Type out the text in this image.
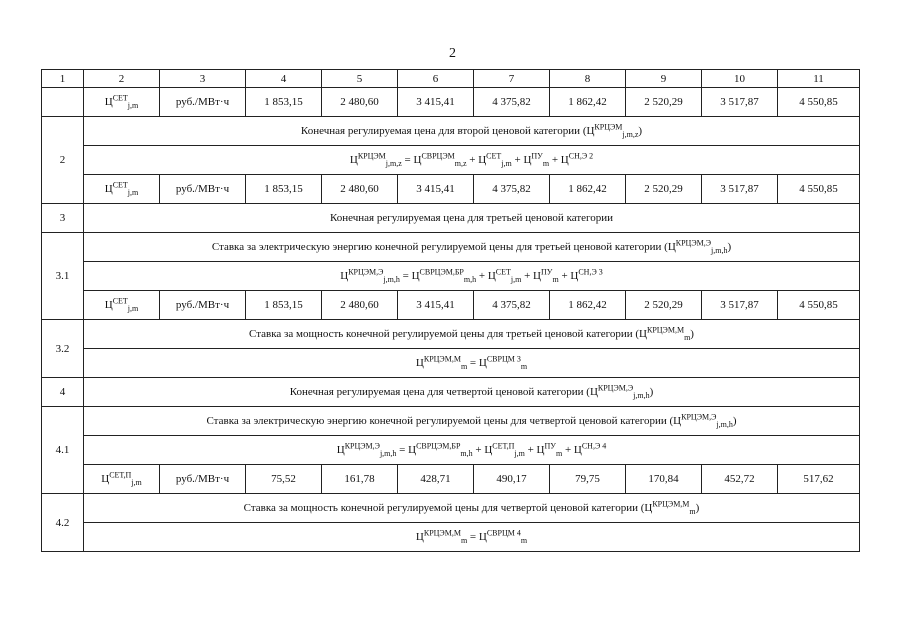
2
1	2	3	4	5	6	7	8	9	10	11
	$Ц^{СЕТ}_{j,m}$	руб./МВт·ч	1 853,15	2 480,60	3 415,41	4 375,82	1 862,42	2 520,29	3 517,87	4 550,85
2	Конечная регулируемая цена для второй ценовой категории $(Ц^{КРЦЭМ}_{j,m,z})$									
	$Ц^{КРЦЭМ}_{j,m,z} = Ц^{СВРЦЭМ}_{m,z} + Ц^{СЕТ}_{j,m} + Ц^{ПУ}_m + Ц^{СН,Э 2}$
	$Ц^{СЕТ}_{j,m}$	руб./МВт·ч	1 853,15	2 480,60	3 415,41	4 375,82	1 862,42	2 520,29	3 517,87	4 550,85
3	Конечная регулируемая цена для третьей ценовой категории									
3.1	Ставка за электрическую энергию конечной регулируемой цены для третьей ценовой категории $(Ц^{КРЦЭМ,Э}_{j,m,h})$									
	$Ц^{КРЦЭМ,Э}_{j,m,h} = Ц^{СВРЦЭМ,БР}_{m,h} + Ц^{СЕТ}_{j,m} + Ц^{ПУ}_m + Ц^{СН,Э 3}$
	$Ц^{СЕТ}_{j,m}$	руб./МВт·ч	1 853,15	2 480,60	3 415,41	4 375,82	1 862,42	2 520,29	3 517,87	4 550,85
3.2	Ставка за мощность конечной регулируемой цены для третьей ценовой категории $(Ц^{КРЦЭМ,М}_m)$									
	$Ц^{КРЦЭМ,М}_m = Ц^{СВРЦМ 3}_m$
4	Конечная регулируемая цена для четвертой ценовой категории $(Ц^{КРЦЭМ,Э}_{j,m,h})$									
4.1	Ставка за электрическую энергию конечной регулируемой цены для четвертой ценовой категории $(Ц^{КРЦЭМ,Э}_{j,m,h})$									
	$Ц^{КРЦЭМ,Э}_{j,m,h} = Ц^{СВРЦЭМ,БР}_{m,h} + Ц^{СЕТ,П}_{j,m} + Ц^{ПУ}_m + Ц^{СН,Э 4}$
	$Ц^{СЕТ,П}_{j,m}$	руб./МВт·ч	75,52	161,78	428,71	490,17	79,75	170,84	452,72	517,62
4.2	Ставка за мощность конечной регулируемой цены для четвертой ценовой категории $(Ц^{КРЦЭМ,М}_m)$									
	$Ц^{КРЦЭМ,М}_m = Ц^{СВРЦМ 4}_m$
